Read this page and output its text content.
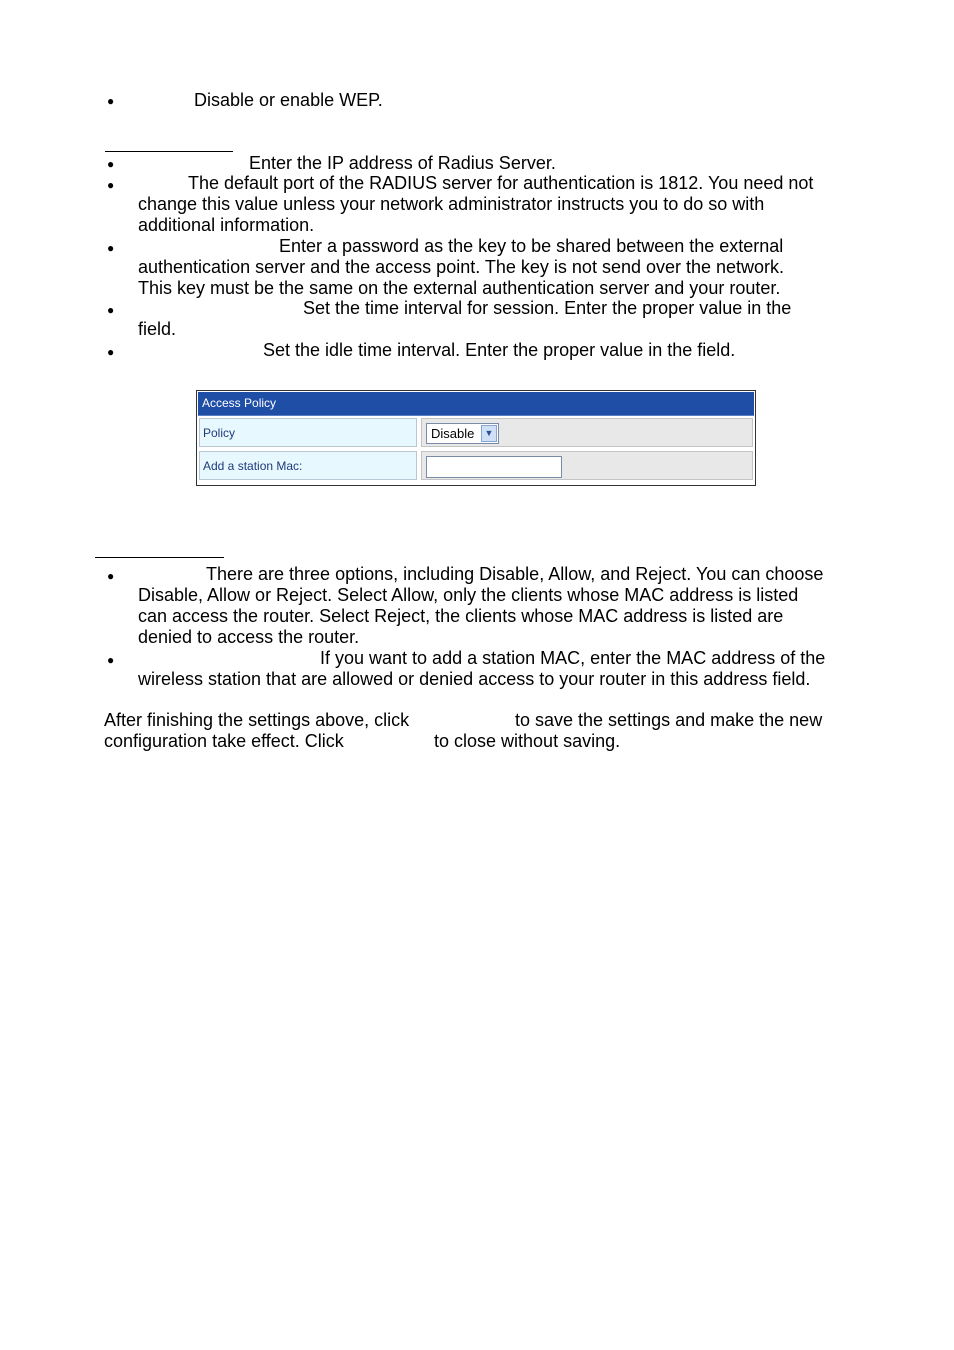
●	Disable or enable WEP.
●	Enter the IP address of Radius Server.
●	The default port of the RADIUS server for authentication is 1812. You need not
change this value unless your network administrator instructs you to do so with
additional information.
●	Enter a password as the key to be shared between the external
authentication server and the access point. The key is not send over the network.
This key must be the same on the external authentication server and your router.
●	Set the time interval for session. Enter the proper value in the
field.
●	Set the idle time interval. Enter the proper value in the field.
Access Policy
Policy	Disable	▼
Add a station Mac:
●	There are three options, including Disable, Allow, and Reject. You can choose
Disable, Allow or Reject. Select Allow, only the clients whose MAC address is listed
can access the router. Select Reject, the clients whose MAC address is listed are
denied to access the router.
●	If you want to add a station MAC, enter the MAC address of the
wireless station that are allowed or denied access to your router in this address field.
After finishing the settings above, click	to save the settings and make the new
configuration take effect. Click	to close without saving.
